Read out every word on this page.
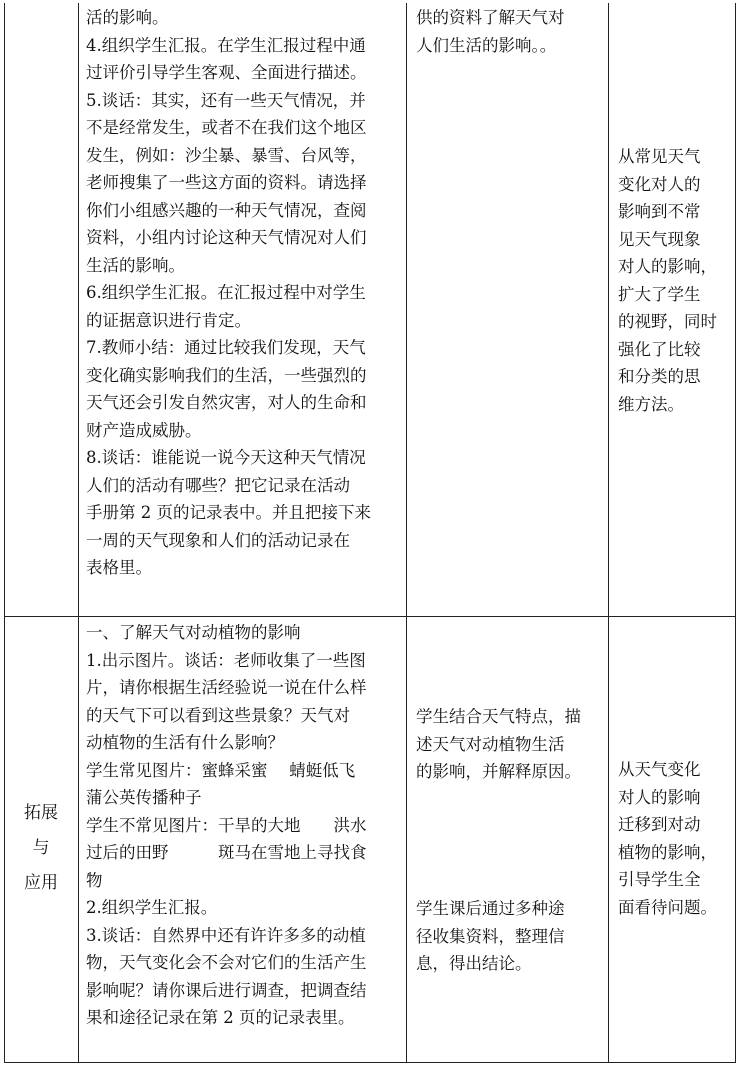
活的影响。

4.组织学生汇报。在学生汇报过程中通

过评价引导学生客观、全面进行描述。

5.谈话：其实，还有一些天气情况，并

不是经常发生，或者不在我们这个地区

发生，例如：沙尘暴、暴雪、台风等，

老师搜集了一些这方面的资料。请选择

你们小组感兴趣的一种天气情况，查阅

资料，小组内讨论这种天气情况对人们

生活的影响。

6.组织学生汇报。在汇报过程中对学生

的证据意识进行肯定。

7.教师小结：通过比较我们发现，天气

变化确实影响我们的生活，一些强烈的

天气还会引发自然灾害，对人的生命和

财产造成威胁。

8.谈话：谁能说一说今天这种天气情况

人们的活动有哪些？把它记录在活动

手册第 2 页的记录表中。并且把接下来

一周的天气现象和人们的活动记录在

表格里。

供的资料了解天气对

人们生活的影响。。

从常见天气

变化对人的

影响到不常

见天气现象

对人的影响，

扩大了学生

的视野，同时

强化了比较

和分类的思

维方法。

拓展
与
应用

一、了解天气对动植物的影响

1.出示图片。谈话：老师收集了一些图

片，请你根据生活经验说一说在什么样

的天气下可以看到这些景象？天气对

动植物的生活有什么影响？

学生常见图片：蜜蜂采蜜　 蜻蜓低飞

蒲公英传播种子

学生不常见图片：干旱的大地　　洪水

过后的田野　　　斑马在雪地上寻找食

物

2.组织学生汇报。

3.谈话：自然界中还有许许多多的动植

物，天气变化会不会对它们的生活产生

影响呢？请你课后进行调查，把调查结

果和途径记录在第 2 页的记录表里。

学生结合天气特点，描

述天气对动植物生活

的影响，并解释原因。

学生课后通过多种途

径收集资料，整理信

息，得出结论。

从天气变化

对人的影响

迁移到对动

植物的影响，

引导学生全

面看待问题。
